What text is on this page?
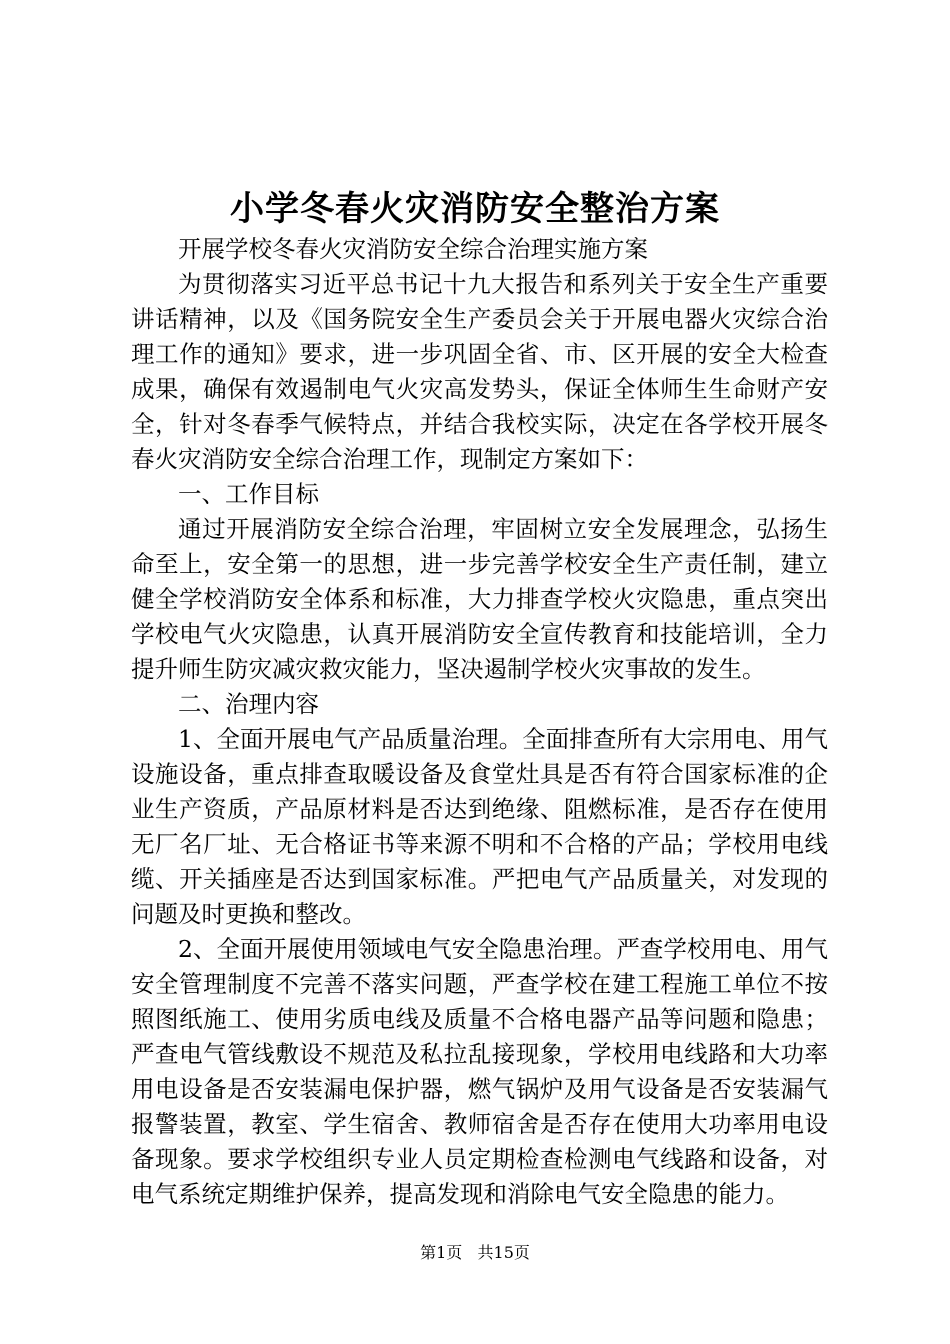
小学冬春火灾消防安全整治方案

开展学校冬春火灾消防安全综合治理实施方案

为贯彻落实习近平总书记十九大报告和系列关于安全生产重要讲话精神，以及《国务院安全生产委员会关于开展电器火灾综合治理工作的通知》要求，进一步巩固全省、市、区开展的安全大检查成果，确保有效遏制电气火灾高发势头，保证全体师生生命财产安全，针对冬春季气候特点，并结合我校实际，决定在各学校开展冬春火灾消防安全综合治理工作，现制定方案如下：

一、工作目标

通过开展消防安全综合治理，牢固树立安全发展理念，弘扬生命至上，安全第一的思想，进一步完善学校安全生产责任制，建立健全学校消防安全体系和标准，大力排查学校火灾隐患，重点突出学校电气火灾隐患，认真开展消防安全宣传教育和技能培训，全力提升师生防灾减灾救灾能力，坚决遏制学校火灾事故的发生。

二、治理内容

1、全面开展电气产品质量治理。全面排查所有大宗用电、用气设施设备，重点排查取暖设备及食堂灶具是否有符合国家标准的企业生产资质，产品原材料是否达到绝缘、阻燃标准，是否存在使用无厂名厂址、无合格证书等来源不明和不合格的产品；学校用电线缆、开关插座是否达到国家标准。严把电气产品质量关，对发现的问题及时更换和整改。

2、全面开展使用领域电气安全隐患治理。严查学校用电、用气安全管理制度不完善不落实问题，严查学校在建工程施工单位不按照图纸施工、使用劣质电线及质量不合格电器产品等问题和隐患；严查电气管线敷设不规范及私拉乱接现象，学校用电线路和大功率用电设备是否安装漏电保护器，燃气锅炉及用气设备是否安装漏气报警装置，教室、学生宿舍、教师宿舍是否存在使用大功率用电设备现象。要求学校组织专业人员定期检查检测电气线路和设备，对电气系统定期维护保养，提高发现和消除电气安全隐患的能力。

第1页 共15页
